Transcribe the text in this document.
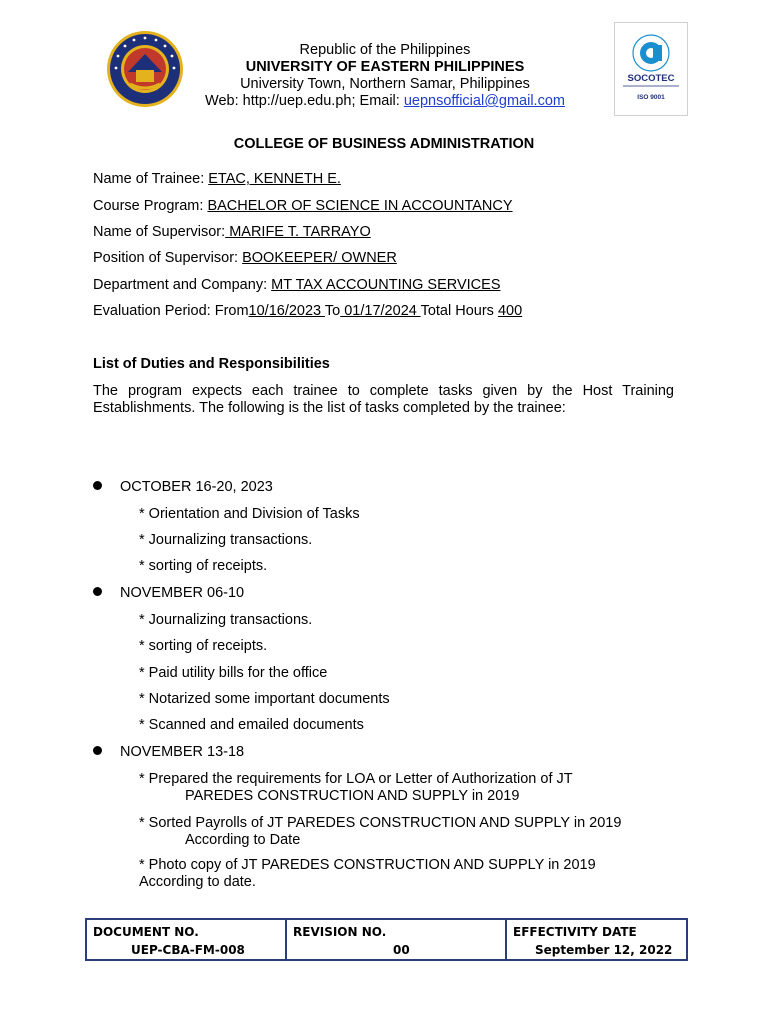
Republic of the Philippines
UNIVERSITY OF EASTERN PHILIPPINES
University Town, Northern Samar, Philippines
Web: http://uep.edu.ph; Email: uepnsofficial@gmail.com
SOCOTEC
ISO 9001
COLLEGE OF BUSINESS ADMINISTRATION
Name of Trainee: ETAC, KENNETH E.
Course Program: BACHELOR OF SCIENCE IN ACCOUNTANCY
Name of Supervisor: MARIFE T. TARRAYO
Position of Supervisor: BOOKEEPER/ OWNER
Department and Company: MT TAX ACCOUNTING SERVICES
Evaluation Period: From10/16/2023 To 01/17/2024 Total Hours 400
List of Duties and Responsibilities
The program expects each trainee to complete tasks given by the Host Training Establishments. The following is the list of tasks completed by the trainee:
OCTOBER 16-20, 2023
* Orientation and Division of Tasks
* Journalizing transactions.
* sorting of receipts.
NOVEMBER 06-10
* Journalizing transactions.
* sorting of receipts.
* Paid utility bills for the office
* Notarized some important documents
* Scanned and emailed documents
NOVEMBER 13-18
* Prepared the requirements for LOA or Letter of Authorization of JT
PAREDES CONSTRUCTION AND SUPPLY in 2019
* Sorted Payrolls of JT PAREDES CONSTRUCTION AND SUPPLY in 2019
According to Date
* Photo copy of JT PAREDES CONSTRUCTION AND SUPPLY in 2019
According to date.
DOCUMENT NO.
UEP-CBA-FM-008
REVISION NO.
00
EFFECTIVITY DATE
September 12, 2022
